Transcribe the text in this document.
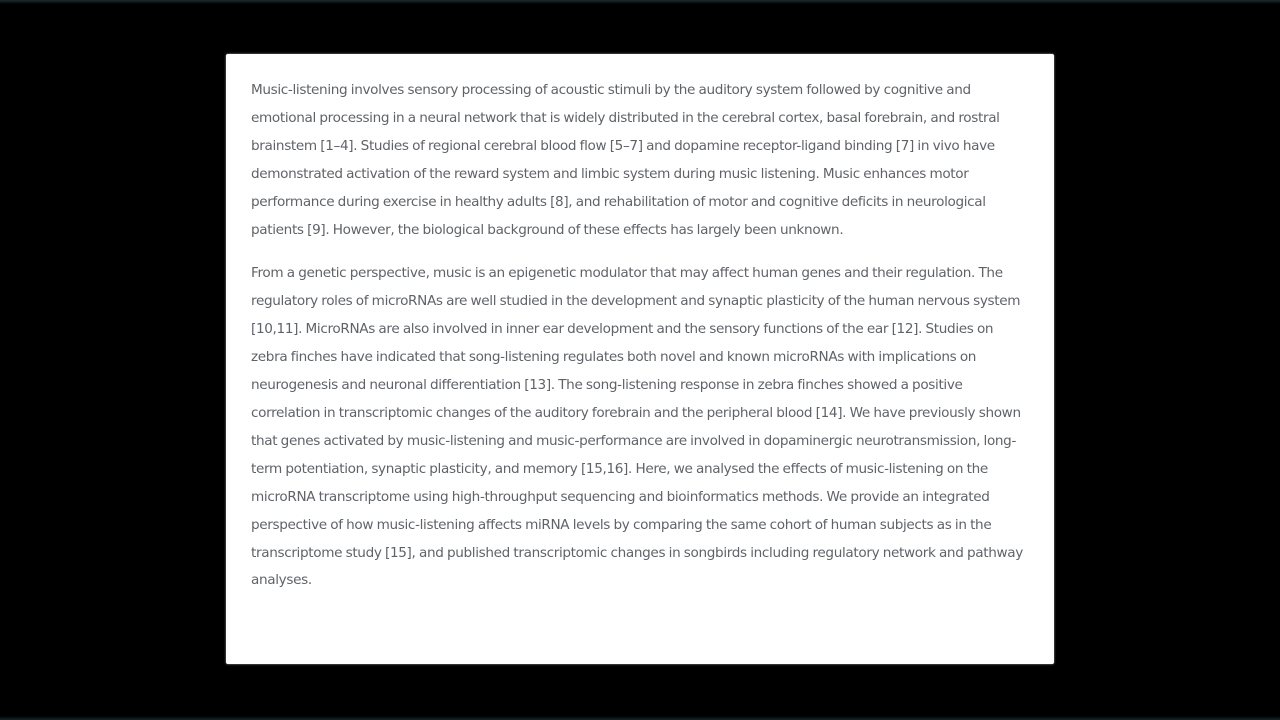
Music-listening involves sensory processing of acoustic stimuli by the auditory system followed by cognitive and emotional processing in a neural network that is widely distributed in the cerebral cortex, basal forebrain, and rostral brainstem [1–4]. Studies of regional cerebral blood flow [5–7] and dopamine receptor-ligand binding [7] in vivo have demonstrated activation of the reward system and limbic system during music listening. Music enhances motor performance during exercise in healthy adults [8], and rehabilitation of motor and cognitive deficits in neurological patients [9]. However, the biological background of these effects has largely been unknown.

From a genetic perspective, music is an epigenetic modulator that may affect human genes and their regulation. The regulatory roles of microRNAs are well studied in the development and synaptic plasticity of the human nervous system [10,11]. MicroRNAs are also involved in inner ear development and the sensory functions of the ear [12]. Studies on zebra finches have indicated that song-listening regulates both novel and known microRNAs with implications on neurogenesis and neuronal differentiation [13]. The song-listening response in zebra finches showed a positive correlation in transcriptomic changes of the auditory forebrain and the peripheral blood [14]. We have previously shown that genes activated by music-listening and music-performance are involved in dopaminergic neurotransmission, long-term potentiation, synaptic plasticity, and memory [15,16]. Here, we analysed the effects of music-listening on the microRNA transcriptome using high-throughput sequencing and bioinformatics methods. We provide an integrated perspective of how music-listening affects miRNA levels by comparing the same cohort of human subjects as in the transcriptome study [15], and published transcriptomic changes in songbirds including regulatory network and pathway analyses.
